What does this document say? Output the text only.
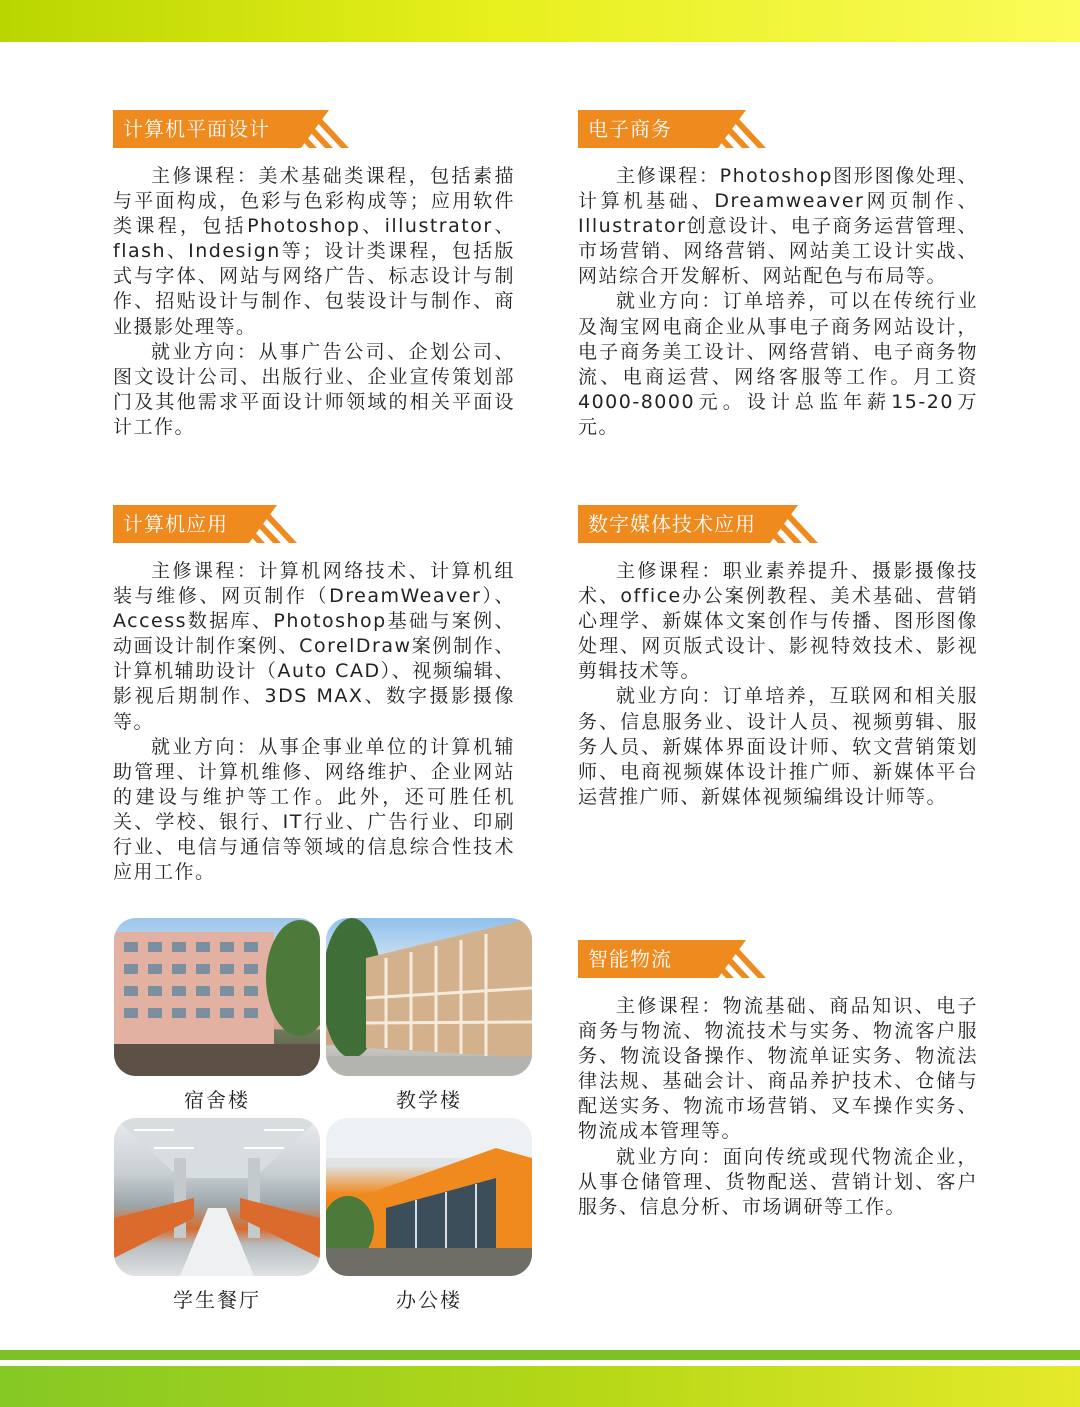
计算机平面设计

主修课程：美术基础类课程，包括素描与平面构成，色彩与色彩构成等；应用软件类课程，包括Photoshop、illustrator、flash、Indesign等；设计类课程，包括版式与字体、网站与网络广告、标志设计与制作、招贴设计与制作、包装设计与制作、商业摄影处理等。

就业方向：从事广告公司、企划公司、图文设计公司、出版行业、企业宣传策划部门及其他需求平面设计师领域的相关平面设计工作。

电子商务

主修课程：Photoshop图形图像处理、计算机基础、Dreamweaver网页制作、Illustrator创意设计、电子商务运营管理、市场营销、网络营销、网站美工设计实战、网站综合开发解析、网站配色与布局等。

就业方向：订单培养，可以在传统行业及淘宝网电商企业从事电子商务网站设计，电子商务美工设计、网络营销、电子商务物流、电商运营、网络客服等工作。月工资4000-8000元。设计总监年薪15-20万元。

计算机应用

主修课程：计算机网络技术、计算机组装与维修、网页制作（DreamWeaver）、Access数据库、Photoshop基础与案例、动画设计制作案例、CorelDraw案例制作、计算机辅助设计（Auto CAD）、视频编辑、影视后期制作、3DS MAX、数字摄影摄像等。

就业方向：从事企事业单位的计算机辅助管理、计算机维修、网络维护、企业网站的建设与维护等工作。此外，还可胜任机关、学校、银行、IT行业、广告行业、印刷行业、电信与通信等领域的信息综合性技术应用工作。

数字媒体技术应用

主修课程：职业素养提升、摄影摄像技术、office办公案例教程、美术基础、营销心理学、新媒体文案创作与传播、图形图像处理、网页版式设计、影视特效技术、影视剪辑技术等。

就业方向：订单培养，互联网和相关服务、信息服务业、设计人员、视频剪辑、服务人员、新媒体界面设计师、软文营销策划师、电商视频媒体设计推广师、新媒体平台运营推广师、新媒体视频编缉设计师等。

智能物流

主修课程：物流基础、商品知识、电子商务与物流、物流技术与实务、物流客户服务、物流设备操作、物流单证实务、物流法律法规、基础会计、商品养护技术、仓储与配送实务、物流市场营销、叉车操作实务、物流成本管理等。

就业方向：面向传统或现代物流企业，从事仓储管理、货物配送、营销计划、客户服务、信息分析、市场调研等工作。

宿舍楼	教学楼
学生餐厅	办公楼
